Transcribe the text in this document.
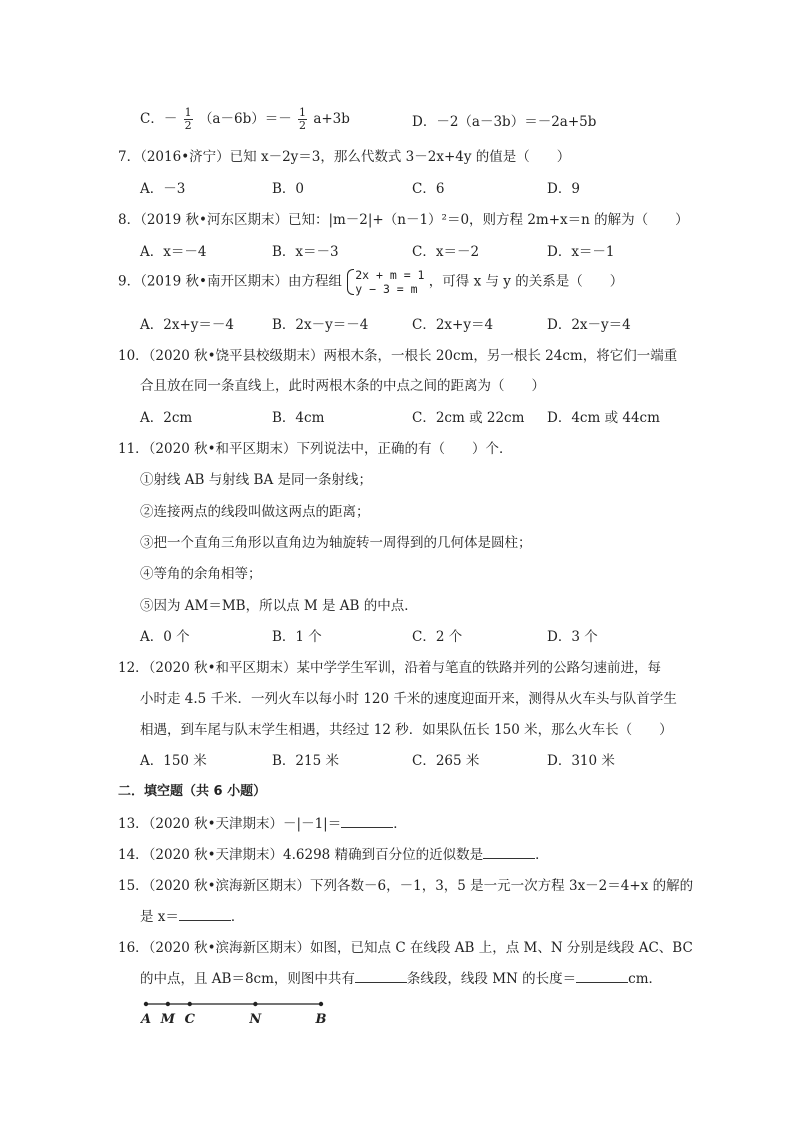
C．－ $\frac{1}{2} (a-6b)=- \frac{1}{2} a+3b$	D．－2（a－3b）＝－2a+5b
7．（2016•济宁）已知 x－2y＝3，那么代数式 3－2x+4y 的值是（　　）
A．－3	B．0	C．6	D．9
8．（2019 秋•河东区期末）已知：|m－2|+（n－1）²＝0，则方程 2m+x＝n 的解为（　　）
A．x＝－4	B．x＝－3	C．x＝－2	D．x＝－1
9．（2019 秋•南开区期末）由方程组 2x + m = 1
y − 3 = m ，可得 x 与 y 的关系是（　　）
A．2x+y＝－4	B．2x－y＝－4	C．2x+y＝4	D．2x－y＝4
10．（2020 秋•饶平县校级期末）两根木条，一根长 20cm，另一根长 24cm，将它们一端重
合且放在同一条直线上，此时两根木条的中点之间的距离为（　　）
A．2cm	B．4cm	C．2cm 或 22cm D．4cm 或 44cm
11．（2020 秋•和平区期末）下列说法中，正确的有（　　）个．
①射线 AB 与射线 BA 是同一条射线；
②连接两点的线段叫做这两点的距离；
③把一个直角三角形以直角边为轴旋转一周得到的几何体是圆柱；
④等角的余角相等；
⑤因为 AM＝MB，所以点 M 是 AB 的中点．
A．0 个	B．1 个	C．2 个	D．3 个
12．（2020 秋•和平区期末）某中学学生军训，沿着与笔直的铁路并列的公路匀速前进，每
小时走 4.5 千米．一列火车以每小时 120 千米的速度迎面开来，测得从火车头与队首学生
相遇，到车尾与队末学生相遇，共经过 12 秒．如果队伍长 150 米，那么火车长（　　）
A．150 米	B．215 米	C．265 米	D．310 米
二．填空题（共 6 小题）
13．（2020 秋•天津期末）－|－1|＝	．
14．（2020 秋•天津期末）4.6298 精确到百分位的近似数是	．
15．（2020 秋•滨海新区期末）下列各数－6，－1，3，5 是一元一次方程 3x－2＝4+x 的解的
是 x＝	．
16．（2020 秋•滨海新区期末）如图，已知点 C 在线段 AB 上，点 M、N 分别是线段 AC、BC
的中点，且 AB＝8cm，则图中共有	条线段，线段 MN 的长度＝	cm．
A M C	N	B
